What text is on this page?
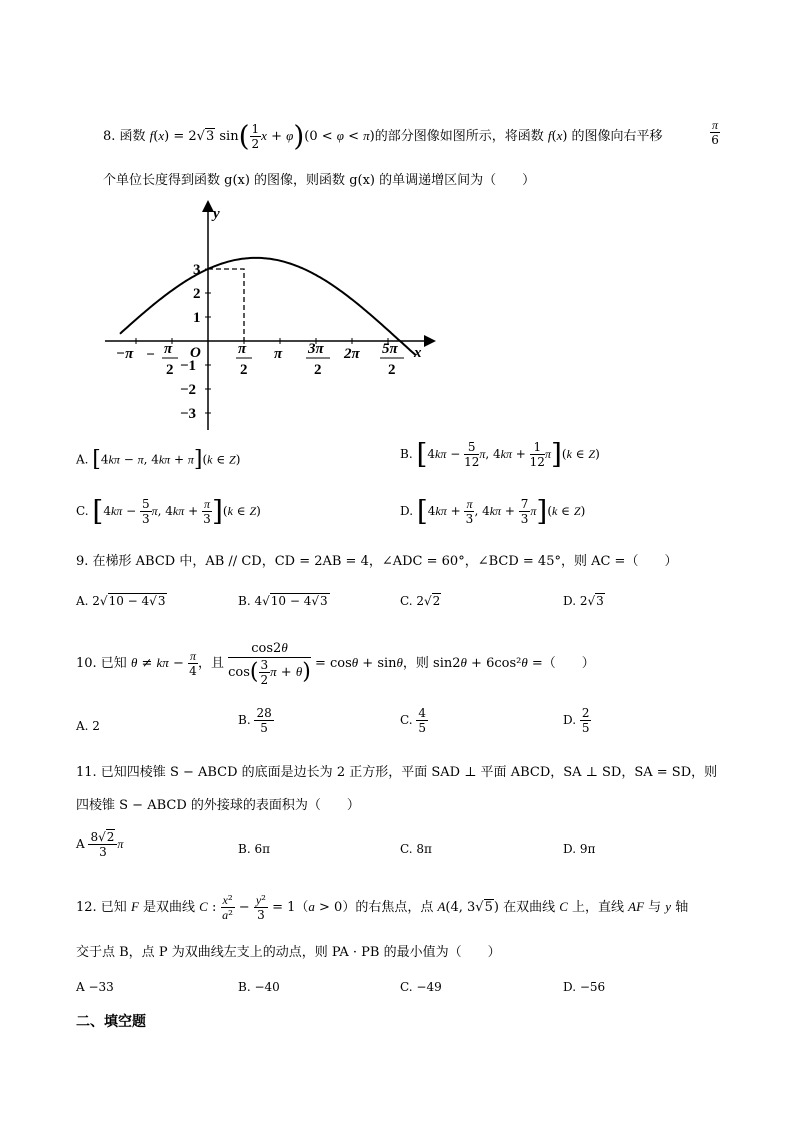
8. 函数 f(x) = 2√3 $\sin( \frac{1}{2}$ x + φ)(0 < φ < π)的部分图像如图所示，将函数 f(x) 的图像向右平移	$\frac{\pi}{6}$
个单位长度得到函数 g(x) 的图像，则函数 g(x) 的单调递增区间为（　　）
y
x
O
3
2
1
−1
−2
−3
−π − π
2
π
2
π 3π
2
2π 5π
2
A. [4kπ − π, 4kπ + π](k ∈ Z)	B. [$4k\pi - \frac{5}{12} \pi$, $4k\pi + \frac{1}{12} \pi](k$ ∈ Z)
C. [$4k\pi - \frac{5}{3} \pi$, $4k\pi + \frac{\pi}{3} ](k$ ∈ Z)	D. [$4k\pi + \frac{\pi}{3}$ , $4k\pi + \frac{7}{3} \pi](k$ ∈ Z)
9. 在梯形 ABCD 中，AB // CD，CD = 2AB = 4，∠ADC = 60°，∠BCD = 45°，则 AC =（　　）
A. 2√10 − 4√3	B. 4√10 − 4√3	C. 2√2	D. 2√3
10. 已知 $\theta \ne k\pi - \frac{\pi}{4}$ ，且 $\frac{\cos 2\theta}{\cos( \frac{3}{2} \pi + \theta)} = \cos\theta + \sin\theta$，则 sin2θ + 6cos²θ =（　　）
A. 2	B. $\frac{28}{5}$	C. $\frac{4}{5}$	D. $\frac{2}{5}$
11. 已知四棱锥 S − ABCD 的底面是边长为 2 正方形，平面 SAD ⊥ 平面 ABCD，SA ⊥ SD，SA = SD，则
四棱锥 S − ABCD 的外接球的表面积为（　　）
A $\frac{8√2}{3}$ π	B. 6π	C. 8π	D. 9π
12. 已知 F 是双曲线 C : $\frac{\text{x²}}{\text{a²}} - \frac{\text{y²}}{3} = 1(a > 0)$的右焦点，点 A(4, 3√5) 在双曲线 C 上，直线 AF 与 y 轴
交于点 B，点 P 为双曲线左支上的动点，则 PA · PB 的最小值为（　　）
A −33	B. −40	C. −49	D. −56
二、填空题
